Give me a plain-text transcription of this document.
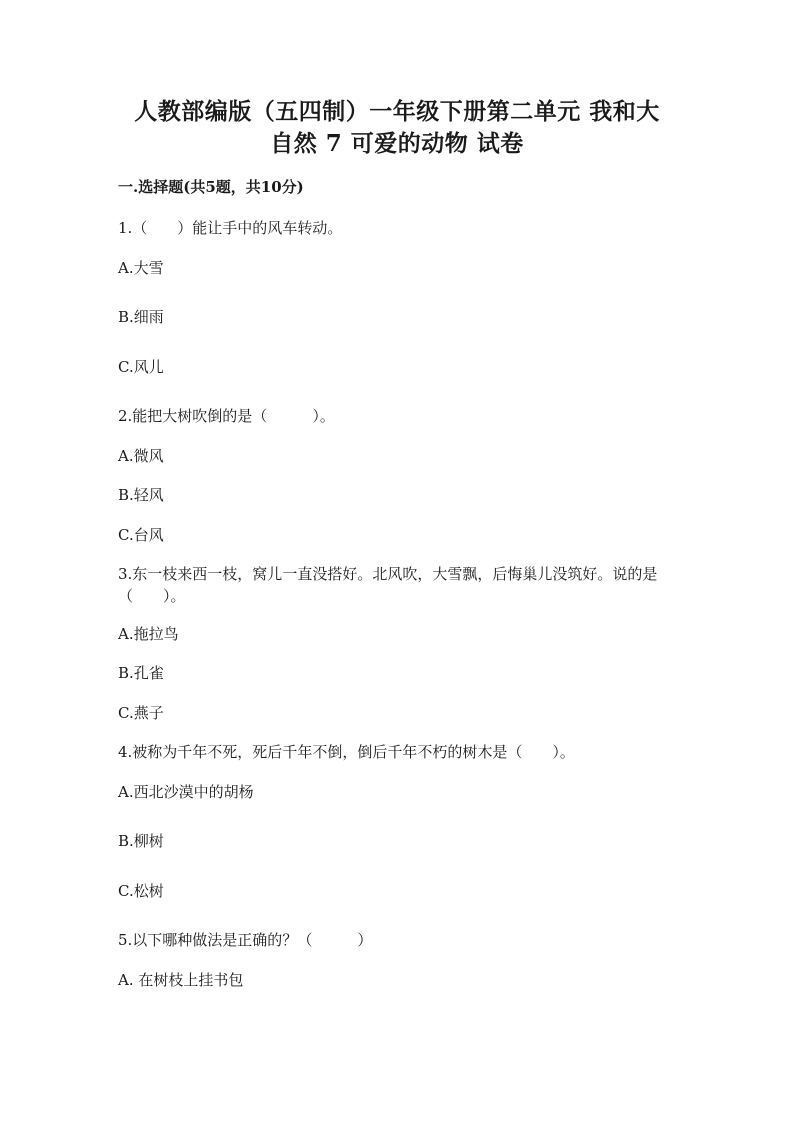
人教部编版（五四制）一年级下册第二单元 我和大
自然 7 可爱的动物 试卷
一.选择题(共5题，共10分)
1.（　　）能让手中的风车转动。
A.大雪
B.细雨
C.风儿
2.能把大树吹倒的是（　　　）。
A.微风
B.轻风
C.台风
3.东一枝来西一枝，窝儿一直没搭好。北风吹，大雪飘，后悔巢儿没筑好。说的是（　　）。
A.拖拉鸟
B.孔雀
C.燕子
4.被称为千年不死，死后千年不倒，倒后千年不朽的树木是（　　）。
A.西北沙漠中的胡杨
B.柳树
C.松树
5.以下哪种做法是正确的？（　　　）
A. 在树枝上挂书包
